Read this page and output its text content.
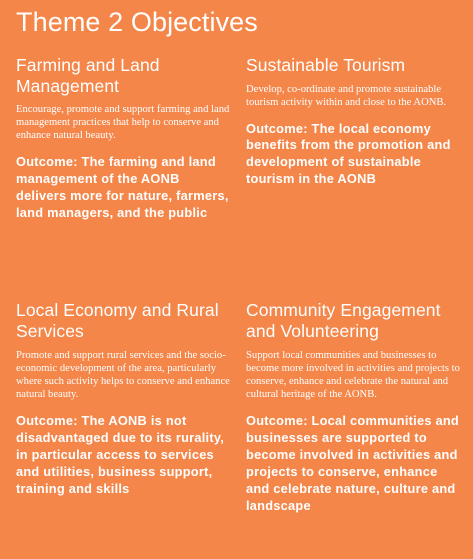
Theme 2 Objectives
Farming and Land Management

Encourage, promote and support farming and land management practices that help to conserve and enhance natural beauty.

Outcome: The farming and land management of the AONB delivers more for nature, farmers, land managers, and the public

Sustainable Tourism

Develop, co-ordinate and promote sustainable tourism activity within and close to the AONB.

Outcome: The local economy benefits from the promotion and development of sustainable tourism in the AONB

Local Economy and Rural Services

Promote and support rural services and the socio-economic development of the area, particularly where such activity helps to conserve and enhance natural beauty.

Outcome: The AONB is not disadvantaged due to its rurality, in particular access to services and utilities, business support, training and skills

Community Engagement and Volunteering

Support local communities and businesses to become more involved in activities and projects to conserve, enhance and celebrate the natural and cultural heritage of the AONB.

Outcome: Local communities and businesses are supported to become involved in activities and projects to conserve, enhance and celebrate nature, culture and landscape
